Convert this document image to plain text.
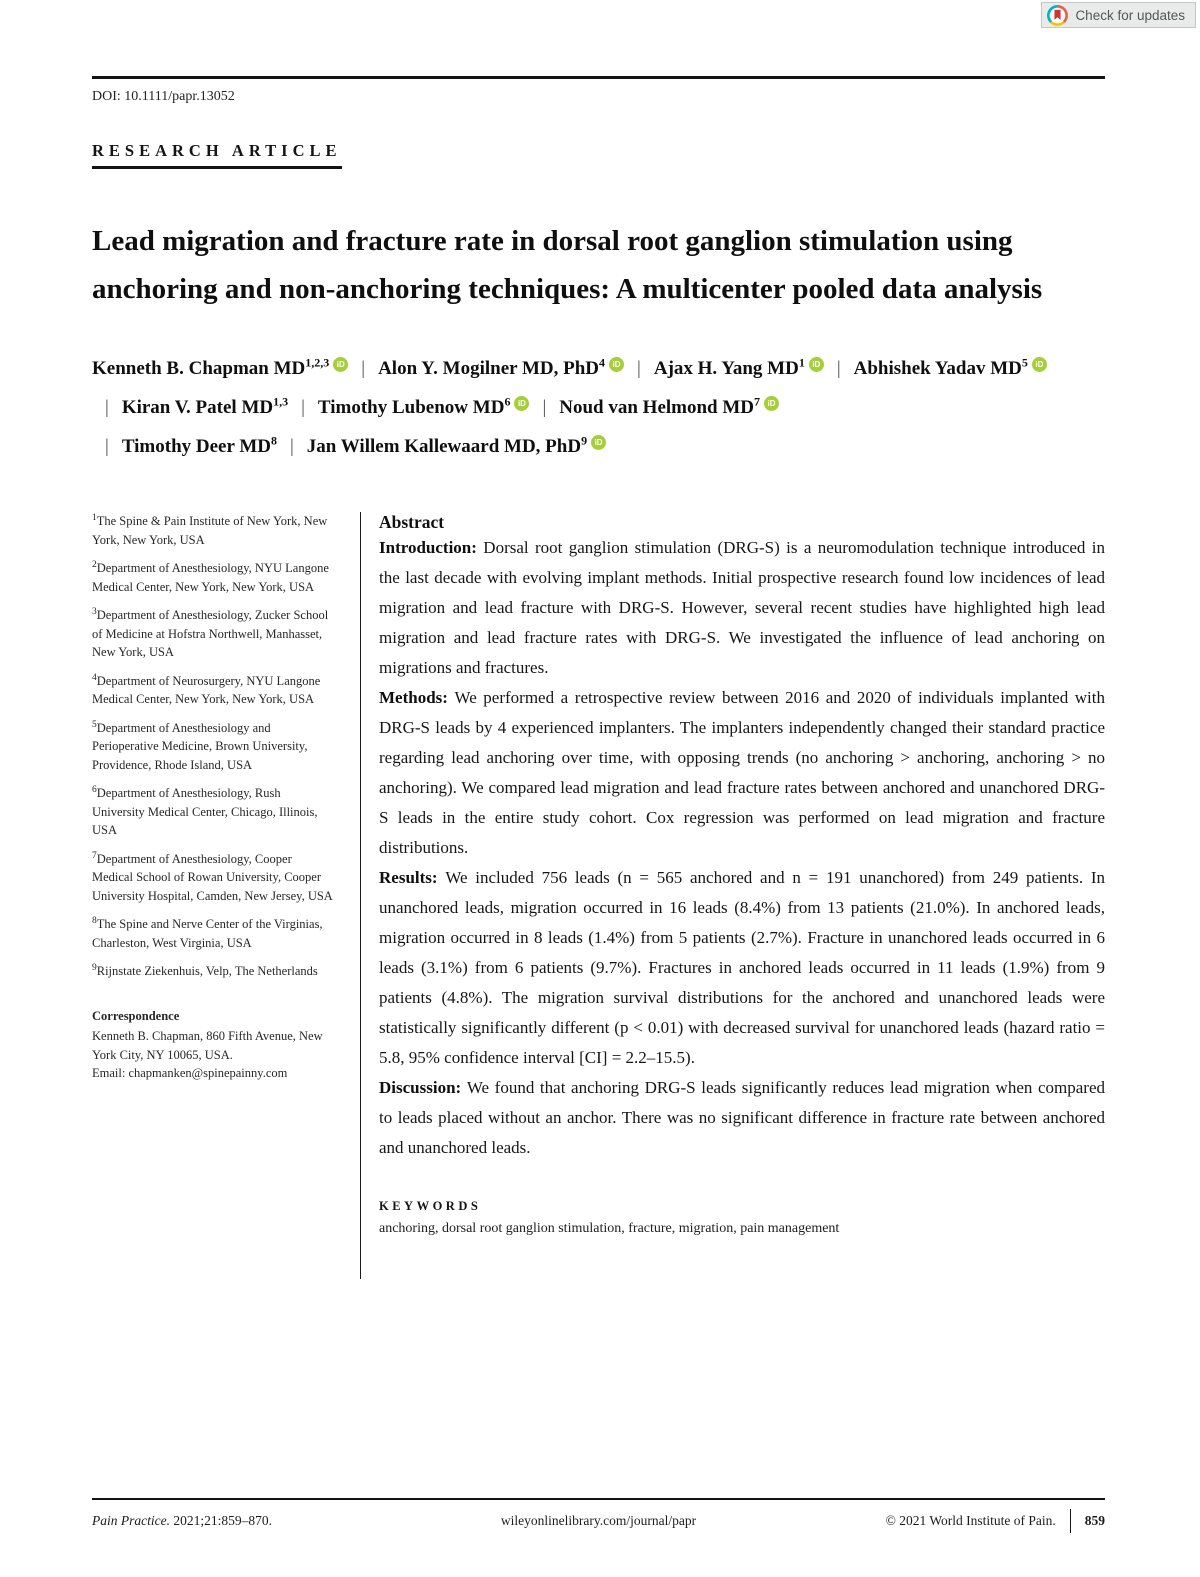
Check for updates
DOI: 10.1111/papr.13052
RESEARCH ARTICLE
Lead migration and fracture rate in dorsal root ganglion stimulation using anchoring and non-anchoring techniques: A multicenter pooled data analysis
Kenneth B. Chapman MD$^{1,2,3}$ iD | Alon Y. Mogilner MD, PhD$^4$ iD | Ajax H. Yang $MD^1$ iD | Abhishek Yadav $MD^5$ iD| Kiran V. Patel MD$^{1,3}$ | Timothy Lubenow $MD^6$ iD | Noud van Helmond $MD^7$ iD| Timothy Deer $MD^8$ | Jan Willem Kallewaard MD, PhD$^9$ iD

$^1$The Spine & Pain Institute of New York, New York, New York, USA

$^2$Department of Anesthesiology, NYU Langone Medical Center, New York, New York, USA

$^3$Department of Anesthesiology, Zucker School of Medicine at Hofstra Northwell, Manhasset, New York, USA

$^4$Department of Neurosurgery, NYU Langone Medical Center, New York, New York, USA

$^5$Department of Anesthesiology and Perioperative Medicine, Brown University, Providence, Rhode Island, USA

$^6$Department of Anesthesiology, Rush University Medical Center, Chicago, Illinois, USA

$^7$Department of Anesthesiology, Cooper Medical School of Rowan University, Cooper University Hospital, Camden, New Jersey, USA

$^8$The Spine and Nerve Center of the Virginias, Charleston, West Virginia, USA

$^9$Rijnstate Ziekenhuis, Velp, The Netherlands

Correspondence
Kenneth B. Chapman, 860 Fifth Avenue, New York City, NY 10065, USA.
Email: chapmanken@spinepainny.com
Abstract

Introduction: Dorsal root ganglion stimulation (DRG-S) is a neuromodulation technique introduced in the last decade with evolving implant methods. Initial prospective research found low incidences of lead migration and lead fracture with DRG-S. However, several recent studies have highlighted high lead migration and lead fracture rates with DRG-S. We investigated the influence of lead anchoring on migrations and fractures.

Methods: We performed a retrospective review between 2016 and 2020 of individuals implanted with DRG-S leads by 4 experienced implanters. The implanters independently changed their standard practice regarding lead anchoring over time, with opposing trends (no anchoring > anchoring, anchoring > no anchoring). We compared lead migration and lead fracture rates between anchored and unanchored DRG-S leads in the entire study cohort. Cox regression was performed on lead migration and fracture distributions.

Results: We included 756 leads (n = 565 anchored and n = 191 unanchored) from 249 patients. In unanchored leads, migration occurred in 16 leads (8.4%) from 13 patients (21.0%). In anchored leads, migration occurred in 8 leads (1.4%) from 5 patients (2.7%). Fracture in unanchored leads occurred in 6 leads (3.1%) from 6 patients (9.7%). Fractures in anchored leads occurred in 11 leads (1.9%) from 9 patients (4.8%). The migration survival distributions for the anchored and unanchored leads were statistically significantly different (p < 0.01) with decreased survival for unanchored leads (hazard ratio = 5.8, 95% confidence interval [CI] = 2.2–15.5).

Discussion: We found that anchoring DRG-S leads significantly reduces lead migration when compared to leads placed without an anchor. There was no significant difference in fracture rate between anchored and unanchored leads.

KEYWORDS
anchoring, dorsal root ganglion stimulation, fracture, migration, pain management
Pain Practice. 2021;21:859–870.	wileyonlinelibrary.com/journal/papr	© 2021 World Institute of Pain. 859
